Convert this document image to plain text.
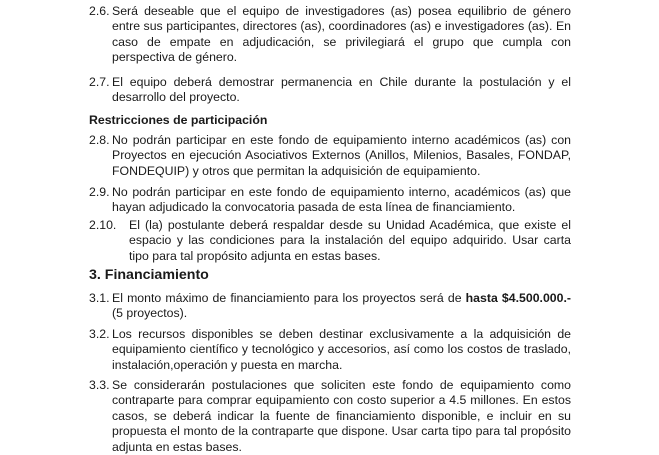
2.6. Será deseable que el equipo de investigadores (as) posea equilibrio de género entre sus participantes, directores (as), coordinadores (as) e investigadores (as). En caso de empate en adjudicación, se privilegiará el grupo que cumpla con perspectiva de género.
2.7. El equipo deberá demostrar permanencia en Chile durante la postulación y el desarrollo del proyecto.
Restricciones de participación
2.8. No podrán participar en este fondo de equipamiento interno académicos (as) con Proyectos en ejecución Asociativos Externos (Anillos, Milenios, Basales, FONDAP, FONDEQUIP) y otros que permitan la adquisición de equipamiento.
2.9. No podrán participar en este fondo de equipamiento interno, académicos (as) que hayan adjudicado la convocatoria pasada de esta línea de financiamiento.
2.10.	El (la) postulante deberá respaldar desde su Unidad Académica, que existe el espacio y las condiciones para la instalación del equipo adquirido. Usar carta tipo para tal propósito adjunta en estas bases.
3. Financiamiento
3.1. El monto máximo de financiamiento para los proyectos será de hasta $4.500.000.- (5 proyectos).
3.2. Los recursos disponibles se deben destinar exclusivamente a la adquisición de equipamiento científico y tecnológico y accesorios, así como los costos de traslado, instalación,operación y puesta en marcha.
3.3. Se considerarán postulaciones que soliciten este fondo de equipamiento como contraparte para comprar equipamiento con costo superior a 4.5 millones. En estos casos, se deberá indicar la fuente de financiamiento disponible, e incluir en su propuesta el monto de la contraparte que dispone. Usar carta tipo para tal propósito adjunta en estas bases.
